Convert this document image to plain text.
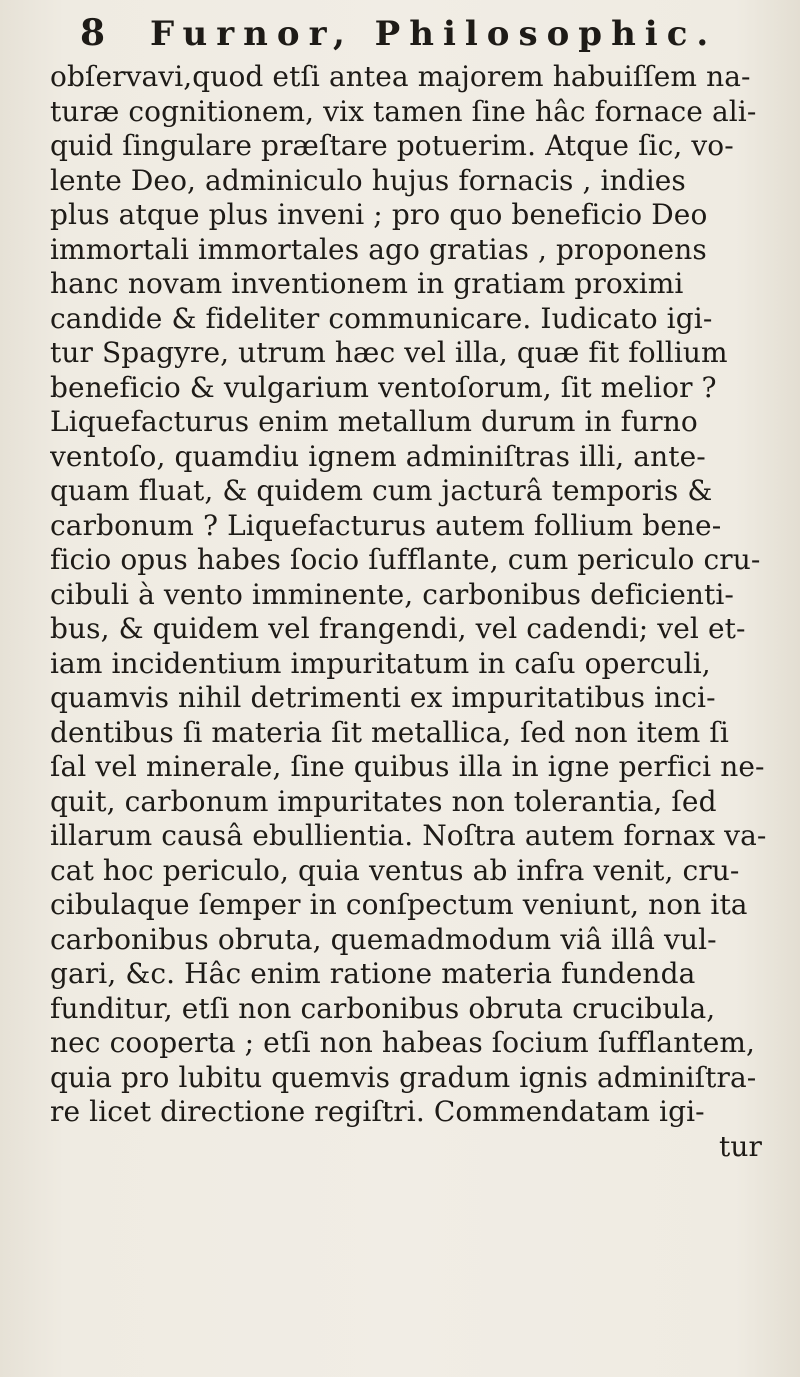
8 Furnor, Philosophic.
obſervavi,quod etſi antea majorem habuiſſem na-
turæ cognitionem, vix tamen ſine hâc fornace ali-
quid ſingulare præſtare potuerim. Atque ſic, vo-
lente Deo, adminiculo hujus fornacis , indies
plus atque plus inveni ; pro quo beneficio Deo
immortali immortales ago gratias , proponens
hanc novam inventionem in gratiam proximi
candide & fideliter communicare. Iudicato igi-
tur Spagyre, utrum hæc vel illa, quæ fit follium
beneficio & vulgarium ventoſorum, ſit melior ?
Liquefacturus enim metallum durum in furno
ventoſo, quamdiu ignem adminiſtras illi, ante-
quam fluat, & quidem cum jacturâ temporis &
carbonum ? Liquefacturus autem follium bene-
ficio opus habes ſocio ſufflante, cum periculo cru-
cibuli à vento imminente, carbonibus deficienti-
bus, & quidem vel frangendi, vel cadendi; vel et-
iam incidentium impuritatum in caſu operculi,
quamvis nihil detrimenti ex impuritatibus inci-
dentibus ſi materia ſit metallica, ſed non item ſi
ſal vel minerale, ſine quibus illa in igne perfici ne-
quit, carbonum impuritates non tolerantia, ſed
illarum causâ ebullientia. Noſtra autem fornax va-
cat hoc periculo, quia ventus ab infra venit, cru-
cibulaque ſemper in conſpectum veniunt, non ita
carbonibus obruta, quemadmodum viâ illâ vul-
gari, &c. Hâc enim ratione materia fundenda
funditur, etſi non carbonibus obruta crucibula,
nec cooperta ; etſi non habeas ſocium ſufflantem,
quia pro lubitu quemvis gradum ignis adminiſtra-
re licet directione regiſtri. Commendatam igi-
tur
